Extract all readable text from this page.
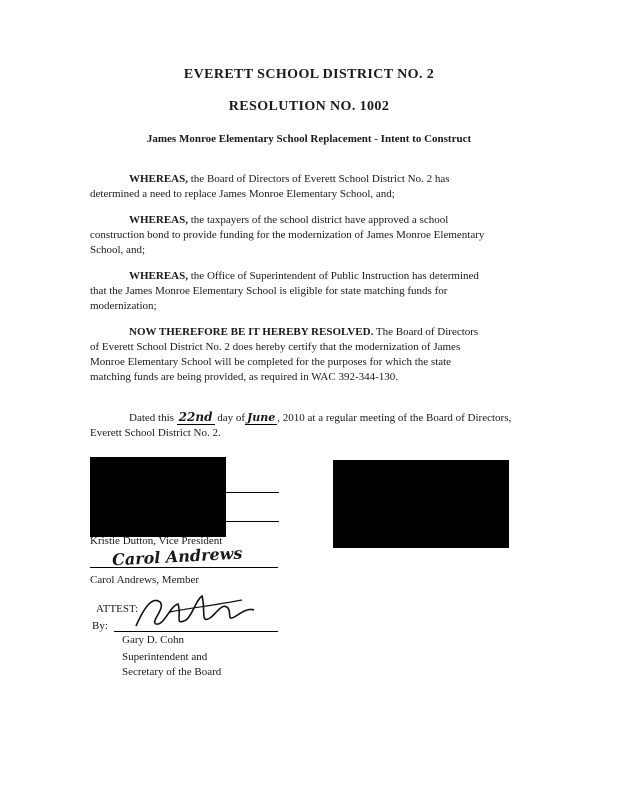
EVERETT SCHOOL DISTRICT NO. 2
RESOLUTION NO. 1002
James Monroe Elementary School Replacement - Intent to Construct
WHEREAS, the Board of Directors of Everett School District No. 2 has
determined a need to replace James Monroe Elementary School, and;
WHEREAS, the taxpayers of the school district have approved a school
construction bond to provide funding for the modernization of James Monroe Elementary
School, and;
WHEREAS, the Office of Superintendent of Public Instruction has determined
that the James Monroe Elementary School is eligible for state matching funds for
modernization;
NOW THEREFORE BE IT HEREBY RESOLVED. The Board of Directors
of Everett School District No. 2 does hereby certify that the modernization of James
Monroe Elementary School will be completed for the purposes for which the state
matching funds are being provided, as required in WAC 392-344-130.
Dated this 22nd day of June , 2010 at a regular meeting of the Board of Directors,
Everett School District No. 2.
Kristie Dutton, Vice President
Carol Andrews
Carol Andrews, Member
ATTEST:
By:
Gary D. Cohn
Superintendent and
Secretary of the Board
